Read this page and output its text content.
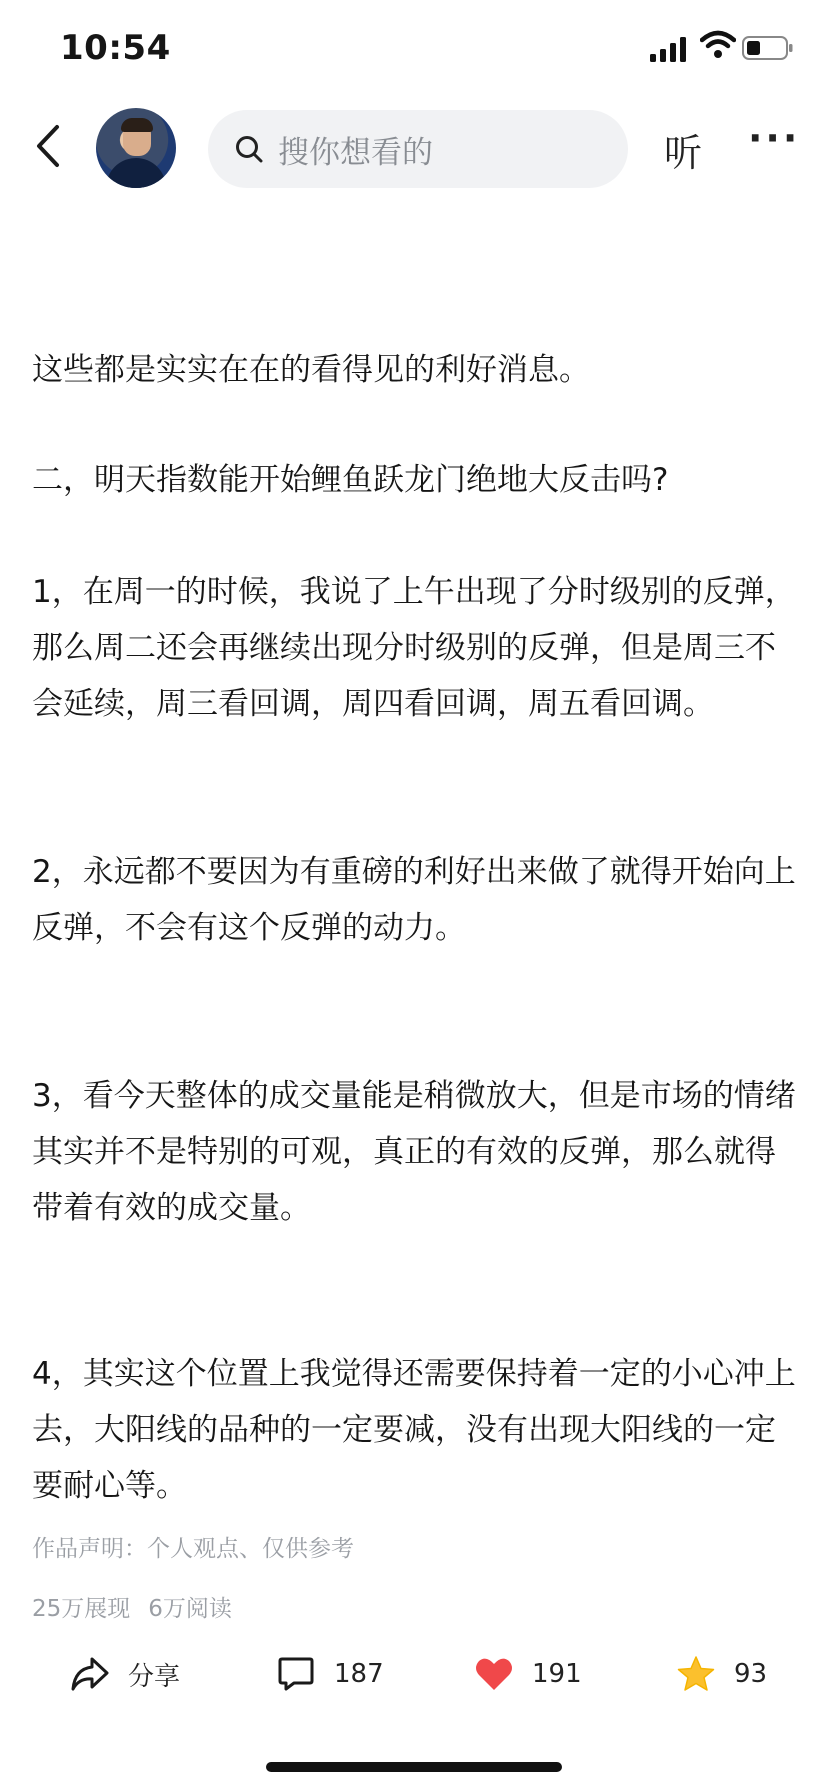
10:54
搜你想看的	听 ···

这些都是实实在在的看得见的利好消息。

二，明天指数能开始鲤鱼跃龙门绝地大反击吗?

1，在周一的时候，我说了上午出现了分时级别的反弹，那么周二还会再继续出现分时级别的反弹，但是周三不会延续，周三看回调，周四看回调，周五看回调。

2，永远都不要因为有重磅的利好出来做了就得开始向上反弹，不会有这个反弹的动力。

3，看今天整体的成交量能是稍微放大，但是市场的情绪其实并不是特别的可观，真正的有效的反弹，那么就得带着有效的成交量。

4，其实这个位置上我觉得还需要保持着一定的小心冲上去，大阳线的品种的一定要减，没有出现大阳线的一定要耐心等。

作品声明：个人观点、仅供参考
25万展现 6万阅读
分享	187	191	93
